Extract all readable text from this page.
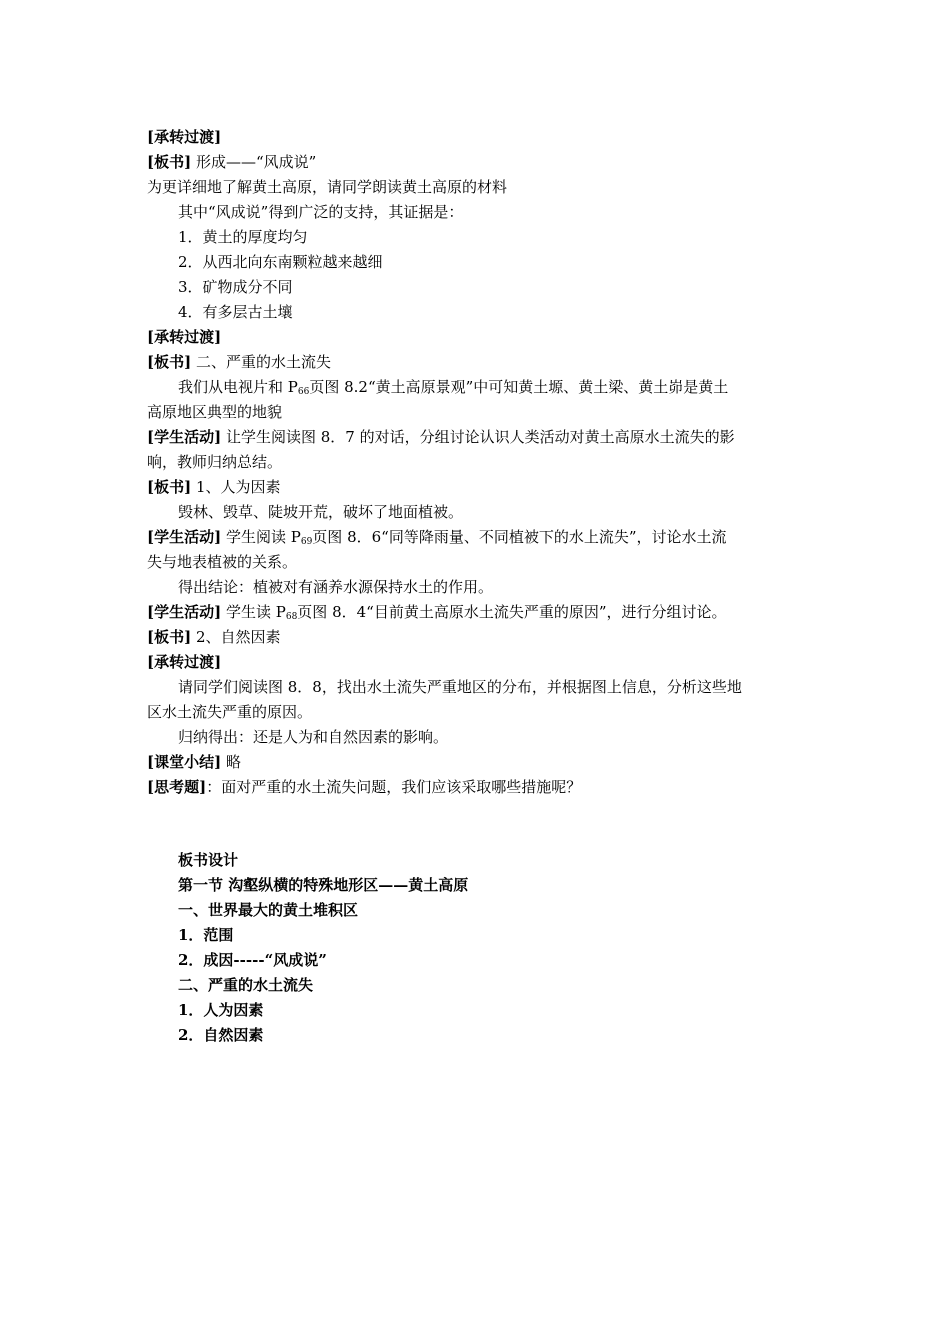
[承转过渡]
[板书] 形成——“风成说”
为更详细地了解黄土高原，请同学朗读黄土高原的材料
其中“风成说”得到广泛的支持，其证据是：
1．黄土的厚度均匀
2．从西北向东南颗粒越来越细
3．矿物成分不同
4．有多层古土壤
[承转过渡]
[板书] 二、严重的水土流失
我们从电视片和 $P_{66}$页图 8.2“黄土高原景观”中可知黄土塬、黄土梁、黄土峁是黄土
高原地区典型的地貌
[学生活动] 让学生阅读图 8．7 的对话，分组讨论认识人类活动对黄土高原水土流失的影
响，教师归纳总结。
[板书] 1、人为因素
毁林、毁草、陡坡开荒，破坏了地面植被。
[学生活动] 学生阅读 $P_{69}$页图 8．6“同等降雨量、不同植被下的水上流失”，讨论水土流
失与地表植被的关系。
得出结论：植被对有涵养水源保持水土的作用。
[学生活动] 学生读 $P_{68}$页图 8．4“目前黄土高原水土流失严重的原因”，进行分组讨论。
[板书] 2、自然因素
[承转过渡]
请同学们阅读图 8．8，找出水土流失严重地区的分布，并根据图上信息，分析这些地
区水土流失严重的原因。
归纳得出：还是人为和自然因素的影响。
[课堂小结] 略
[思考题]：面对严重的水土流失问题，我们应该采取哪些措施呢？
板书设计
第一节 沟壑纵横的特殊地形区——黄土高原
一、世界最大的黄土堆积区
1．范围
2．成因-----“风成说”
二、严重的水土流失
1．人为因素
2．自然因素
